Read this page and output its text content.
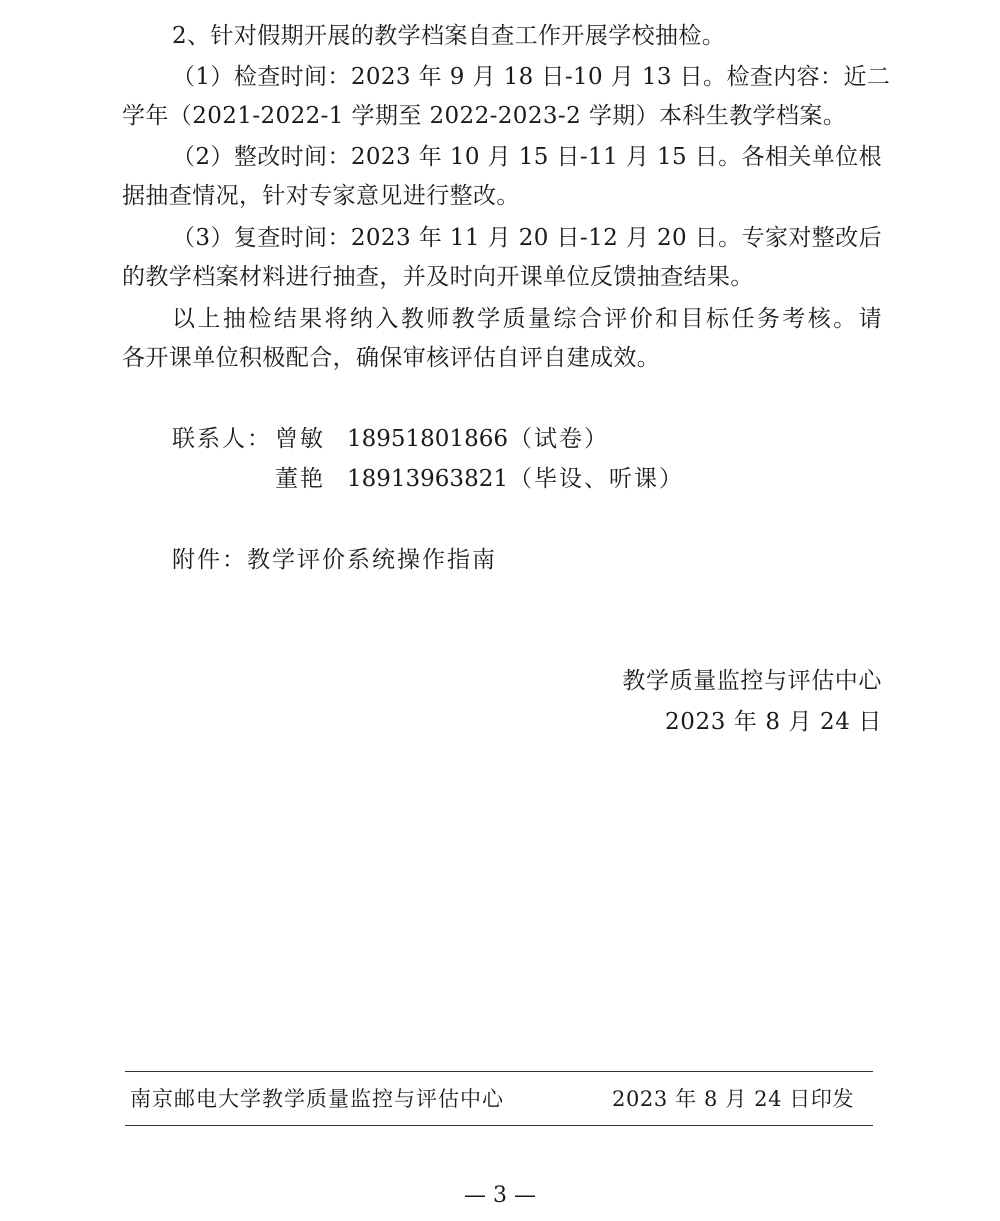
2、针对假期开展的教学档案自查工作开展学校抽检。
（1）检查时间：2023 年 9 月 18 日-10 月 13 日。检查内容：近二
学年（2021-2022-1 学期至 2022-2023-2 学期）本科生教学档案。
（2）整改时间：2023 年 10 月 15 日-11 月 15 日。各相关单位根
据抽查情况，针对专家意见进行整改。
（3）复查时间：2023 年 11 月 20 日-12 月 20 日。专家对整改后
的教学档案材料进行抽查，并及时向开课单位反馈抽查结果。
以上抽检结果将纳入教师教学质量综合评价和目标任务考核。请
各开课单位积极配合，确保审核评估自评自建成效。
联系人： 曾敏 18951801866（试卷）
董艳 18913963821（毕设、听课）
附件：教学评价系统操作指南
教学质量监控与评估中心
2023 年 8 月 24 日
南京邮电大学教学质量监控与评估中心	2023 年 8 月 24 日印发
— 3 —
